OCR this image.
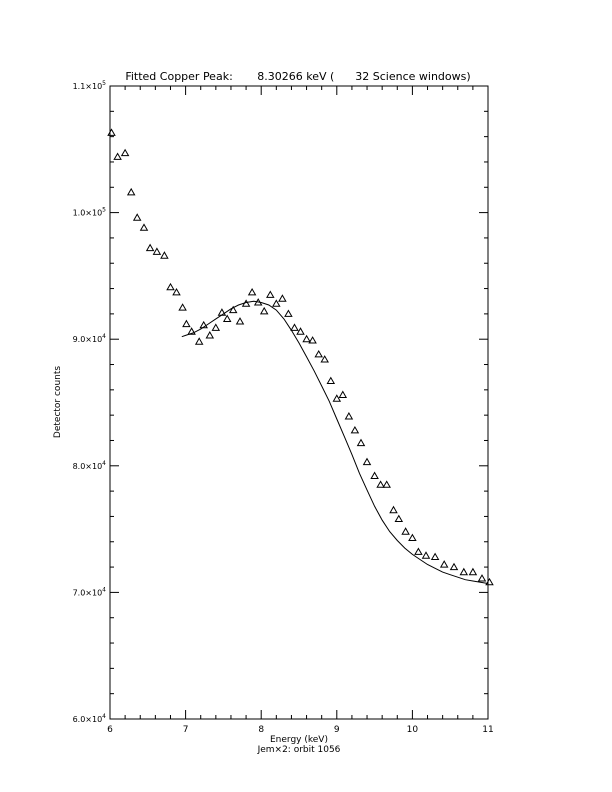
Fitted Copper Peak:       8.30266 keV (      32 Science windows)
6	7	8	9	10	11
$6.0\times 10^4$
$7.0\times 10^4$
$8.0\times 10^4$
$9.0\times 10^4$
$1.0\times 10^5$
$1.1\times 10^5$
Energy (keV)
Jem×2: orbit 1056
Detector counts
